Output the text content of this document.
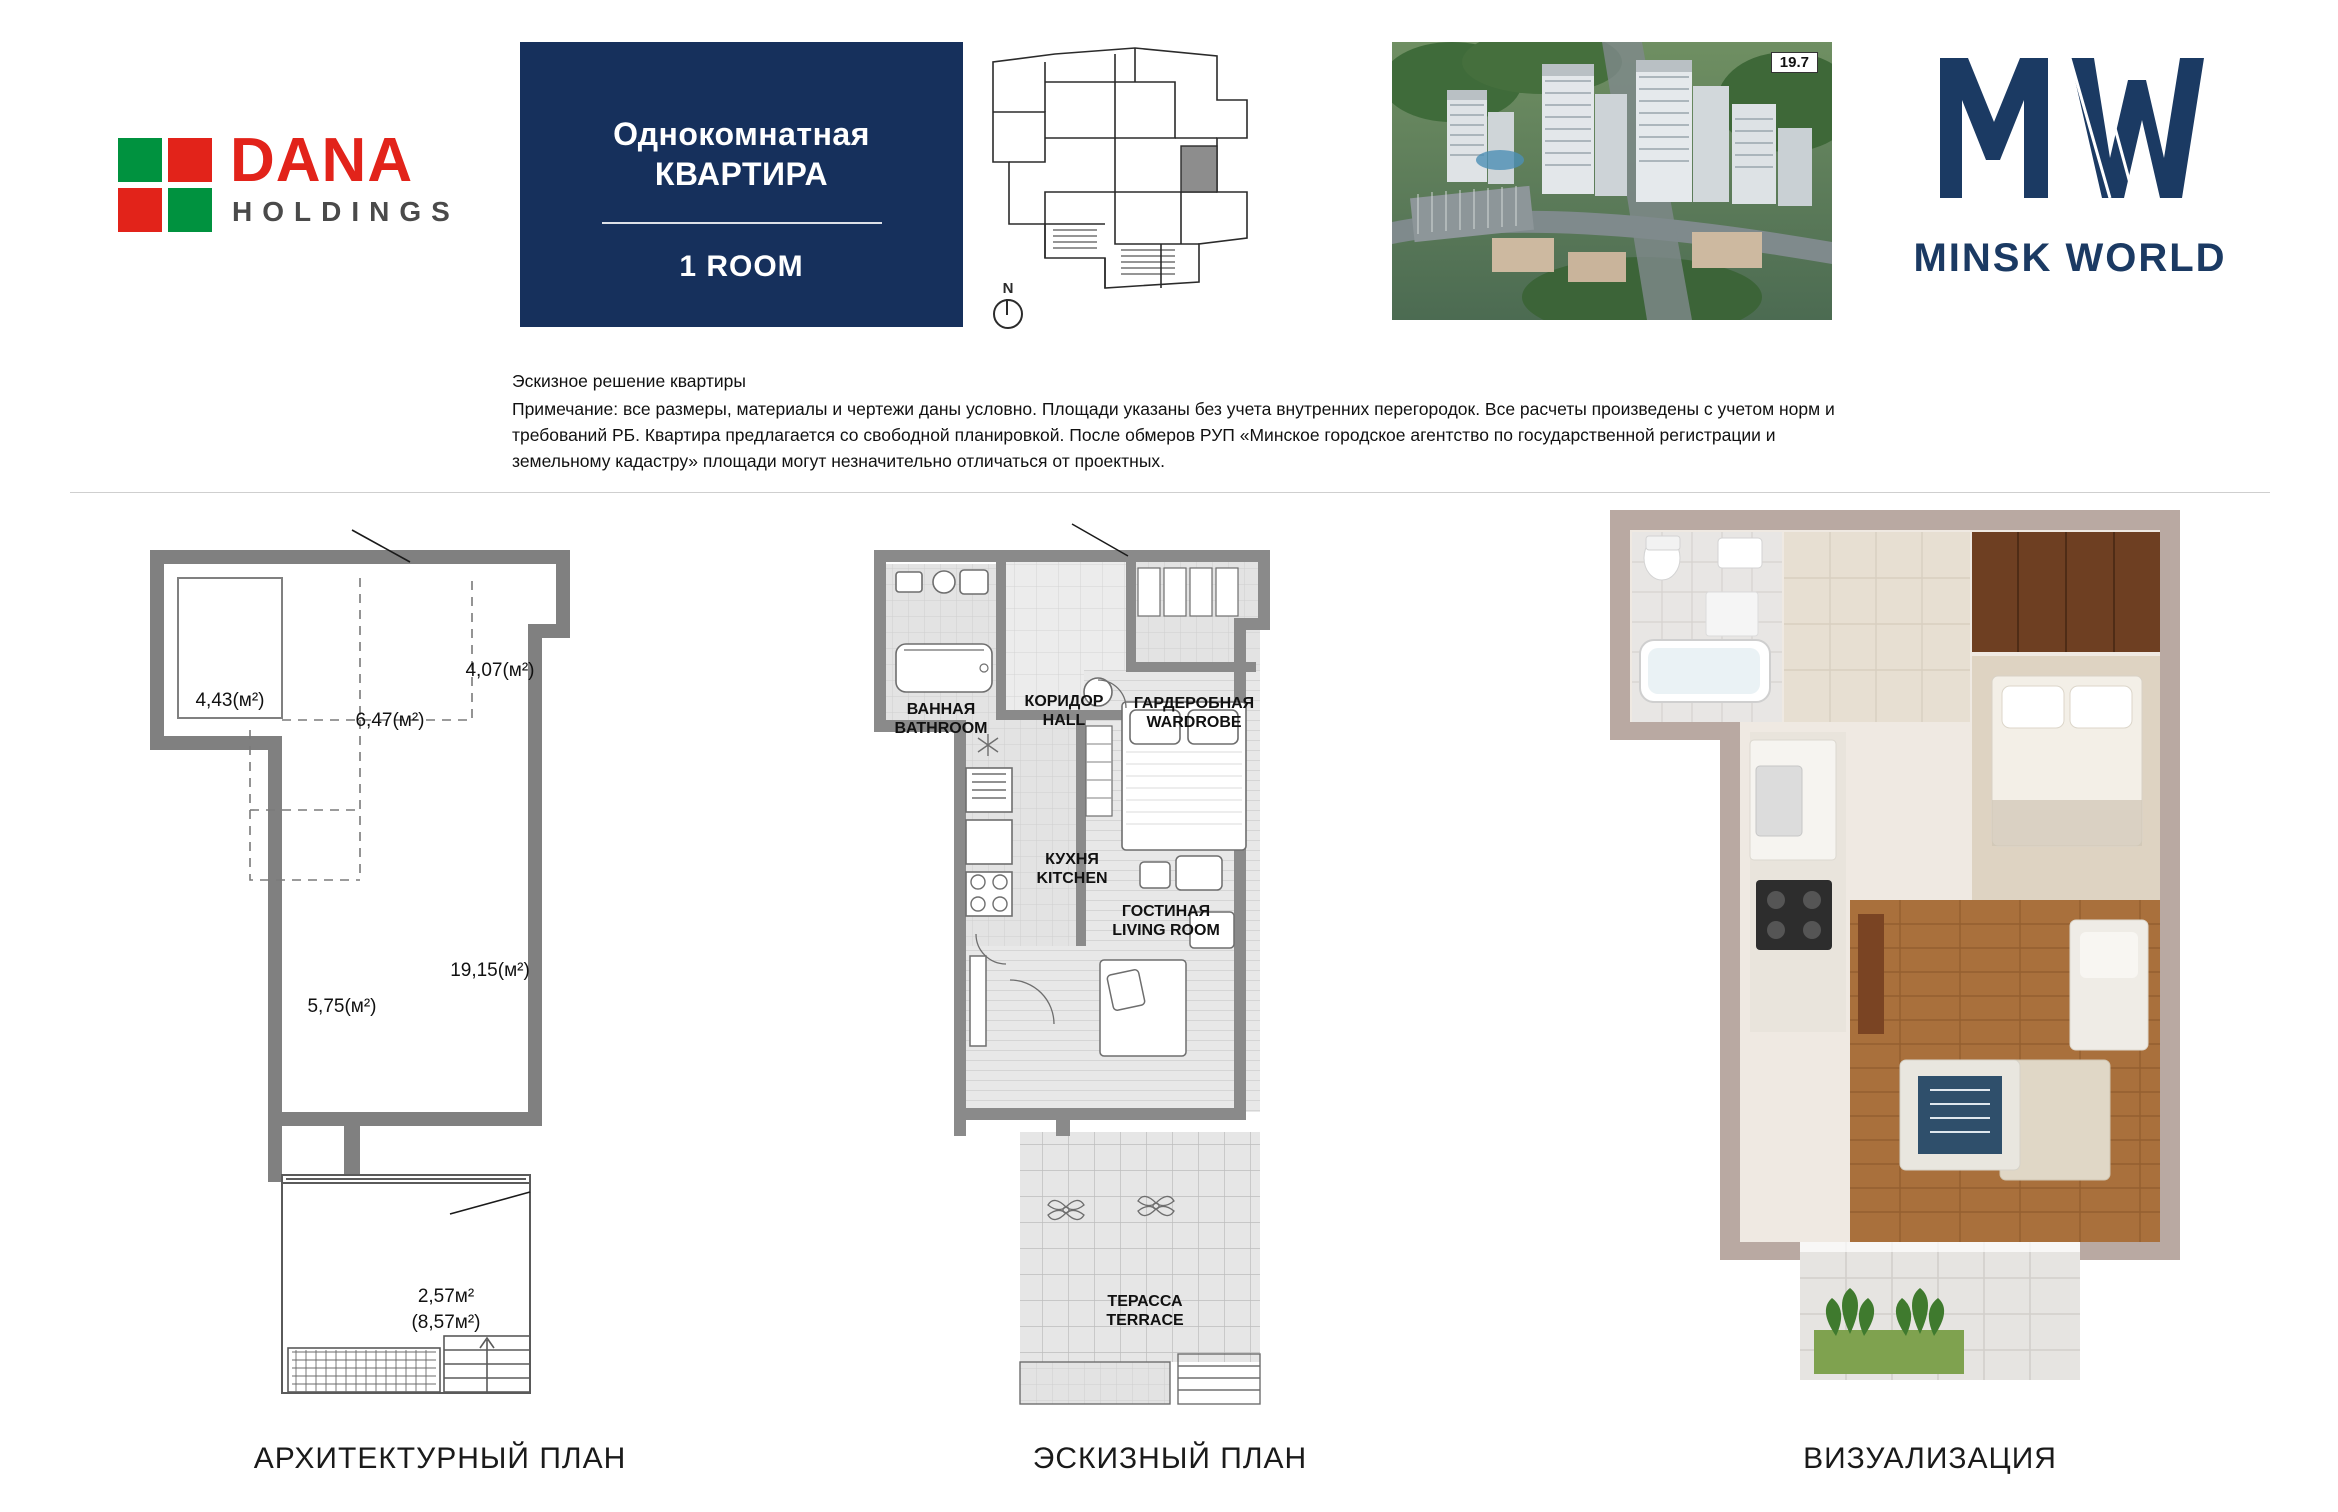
DANA
HOLDINGS
Однокомнатная
КВАРТИРА
1 ROOM
N
19.7
MINSK WORLD
Эскизное решение квартиры
Примечание: все размеры, материалы и чертежи даны условно. Площади указаны без учета внутренних перегородок. Все расчеты произведены с учетом норм и требований РБ. Квартира предлагается со свободной планировкой. После обмеров РУП «Минское городское агентство по государственной регистрации и земельному кадастру» площади могут незначительно отличаться от проектных.
4,43(м²)
6,47(м²)
4,07(м²)
19,15(м²)
5,75(м²)
2,57м²
(8,57м²)
ВАННАЯ
BATHROOM
КОРИДОР
HALL
ГАРДЕРОБНАЯ
WARDROBE
КУХНЯ
KITCHEN
ГОСТИНАЯ
LIVING ROOM
ТЕРАССА
TERRACE
АРХИТЕКТУРНЫЙ ПЛАН	ЭСКИЗНЫЙ ПЛАН	ВИЗУАЛИЗАЦИЯ
